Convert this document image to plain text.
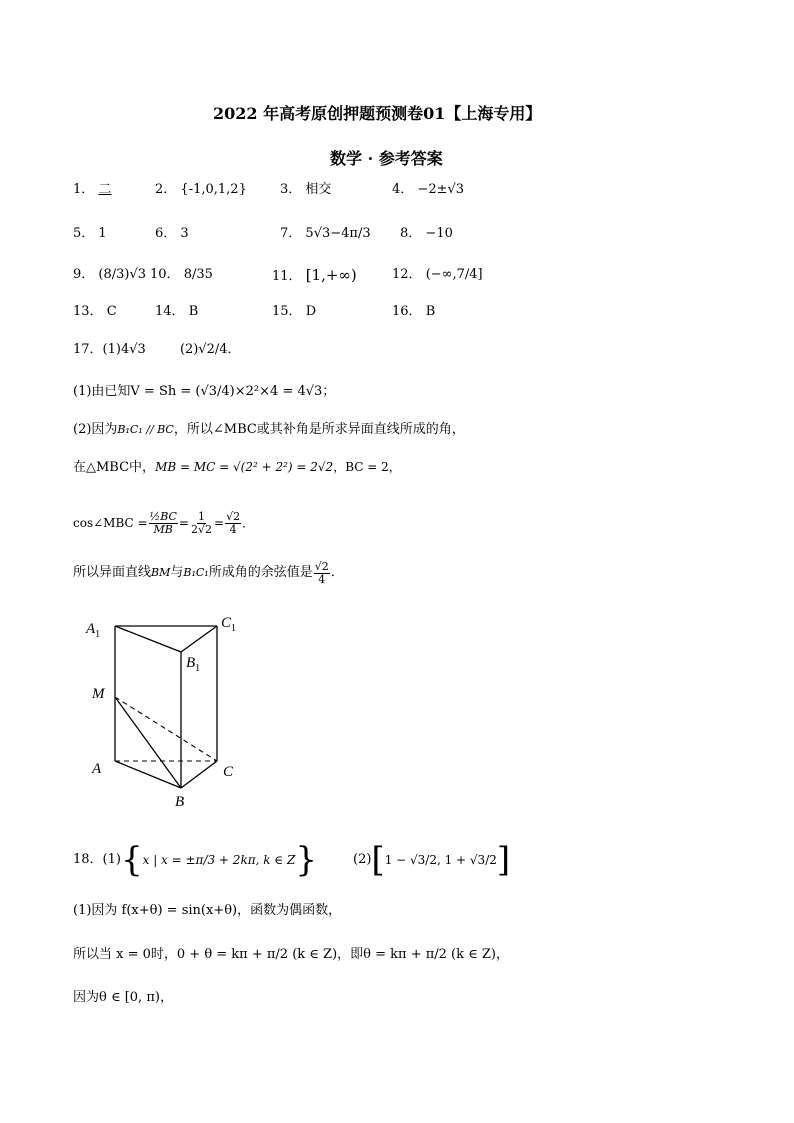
2022 年高考原创押题预测卷01【上海专用】
数学 · 参考答案
1． 二	2． {-1,0,1,2}	3． 相交	4． −2±√3
5． 1	6． 3	7． 5√3−4π/3 8． −10
9． (8/3)√3 10． 8/35	11． [1,+∞)	12． (−∞,7/4]
13． C	14． B	15． D	16． B
17．(1)4√3	(2)√2/4．
(1)由已知V = Sh = (√3/4)×2²×4 = 4√3；
(2)因为B₁C₁ // BC，所以∠MBC或其补角是所求异面直线所成的角，
在△MBC中，MB = MC = √(2² + 2²) = 2√2，BC = 2，
cos∠MBC = $\frac{\text{½BC}}{MB} = \frac{1}{2√2} = \frac{√2}{4}$ ．
所以异面直线 BM 与 B₁C₁ 所成角的余弦值是 √2
4 ．
$A_1$
$C_1$
$B_1$
M
A	C
B
18．(1) { x | x = ±π/3 + 2kπ, k ∈ Z }	(2) [ 1 − √3/2, 1 + √3/2 ]
(1)因为 f(x+θ) = sin(x+θ)，函数为偶函数，
所以当 x = 0时，0 + θ = kπ + π/2 (k ∈ Z)，即θ = kπ + π/2 (k ∈ Z)，
因为θ ∈ [0, π)，
